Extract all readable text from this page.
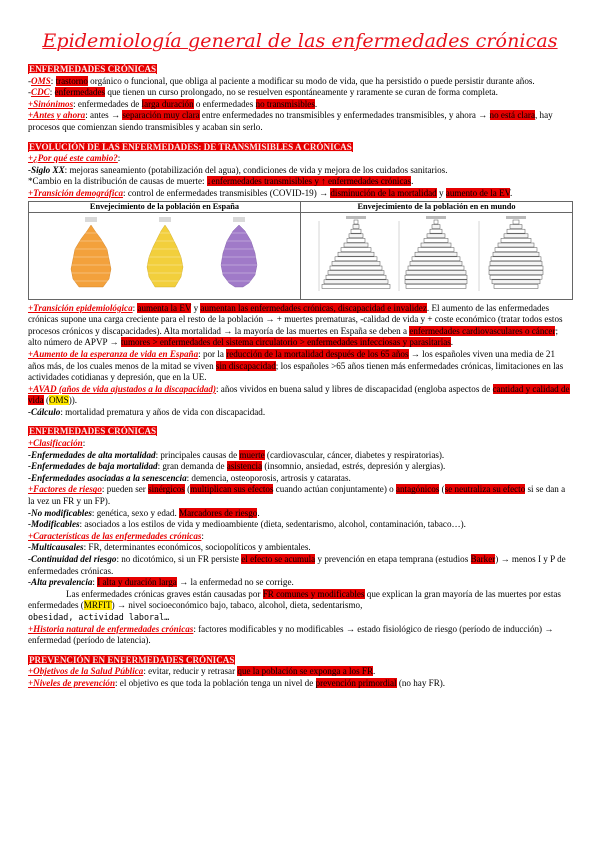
Epidemiología general de las enfermedades crónicas
ENFERMEDADES CRÓNICAS

-OMS: trastorno orgánico o funcional, que obliga al paciente a modificar su modo de vida, que ha persistido o puede persistir durante años.

-CDC: enfermedades que tienen un curso prolongado, no se resuelven espontáneamente y raramente se curan de forma completa.

+Sinónimos: enfermedades de larga duración o enfermedades no transmisibles.

+Antes y ahora: antes → separación muy clara entre enfermedades no transmisibles y enfermedades transmisibles, y ahora → no está clara, hay procesos que comienzan siendo transmisibles y acaban sin serlo.

EVOLUCIÓN DE LAS ENFERMEDADES: DE TRANSMISIBLES A CRÓNICAS

+¿Por qué este cambio?:

-Siglo XX: mejoras saneamiento (potabilización del agua), condiciones de vida y mejora de los cuidados sanitarios.

*Cambio en la distribución de causas de muerte: ↓enfermedades transmisibles y ↑ enfermedades crónicas.

+Transición demográfica: control de enfermedades transmisibles (COVID-19) → disminución de la mortalidad y aumento de la EV.

Envejecimiento de la población en España	Envejecimiento de la población en en mundo

+Transición epidemiológica: aumenta la EV y aumentan las enfermedades crónicas, discapacidad e invalidez. El aumento de las enfermedades crónicas supone una carga creciente para el resto de la población → + muertes prematuras, -calidad de vida y + coste económico (tratar todos estos procesos crónicos y discapacidades). Alta mortalidad → la mayoría de las muertes en España se deben a enfermedades cardiovasculares o cáncer; alto número de APVP → tumores > enfermedades del sistema circulatorio > enfermedades infecciosas y parasitarias.

+Aumento de la esperanza de vida en España: por la reducción de la mortalidad después de los 65 años → los españoles viven una media de 21 años más, de los cuales menos de la mitad se viven sin discapacidad; los españoles >65 años tienen más enfermedades crónicas, limitaciones en las actividades cotidianas y depresión, que en la UE.

+AVAD (años de vida ajustados a la discapacidad): años vividos en buena salud y libres de discapacidad (engloba aspectos de cantidad y calidad de vida (OMS)).

-Cálculo: mortalidad prematura y años de vida con discapacidad.

ENFERMEDADES CRÓNICAS

+Clasificación:

-Enfermedades de alta mortalidad: principales causas de muerte (cardiovascular, cáncer, diabetes y respiratorias).

-Enfermedades de baja mortalidad: gran demanda de asistencia (insomnio, ansiedad, estrés, depresión y alergias).

-Enfermedades asociadas a la senescencia: demencia, osteoporosis, artrosis y cataratas.

+Factores de riesgo: pueden ser sinérgicos (multiplican sus efectos cuando actúan conjuntamente) o antagónicos (se neutraliza su efecto si se dan a la vez un FR y un FP).

-No modificables: genética, sexo y edad. Marcadores de riesgo.

-Modificables: asociados a los estilos de vida y medioambiente (dieta, sedentarismo, alcohol, contaminación, tabaco…).

+Características de las enfermedades crónicas:

-Multicausales: FR, determinantes económicos, sociopolíticos y ambientales.

-Continuidad del riesgo: no dicotómico, si un FR persiste el efecto se acumula y prevención en etapa temprana (estudios Barker) → menos I y P de enfermedades crónicas.

-Alta prevalencia: I alta y duración larga → la enfermedad no se corrige.

Las enfermedades crónicas graves están causadas por FR comunes y modificables que explican la gran mayoría de las muertes por estas enfermedades (MRFIT) → nivel socioeconómico bajo, tabaco, alcohol, dieta, sedentarismo,

obesidad, actividad laboral…

+Historia natural de enfermedades crónicas: factores modificables y no modificables → estado fisiológico de riesgo (período de inducción) → enfermedad (período de latencia).

PREVENCIÓN EN ENFERMEDADES CRÓNICAS

+Objetivos de la Salud Pública: evitar, reducir y retrasar que la población se exponga a los FR.

+Niveles de prevención: el objetivo es que toda la población tenga un nivel de prevención primordial (no hay FR).
